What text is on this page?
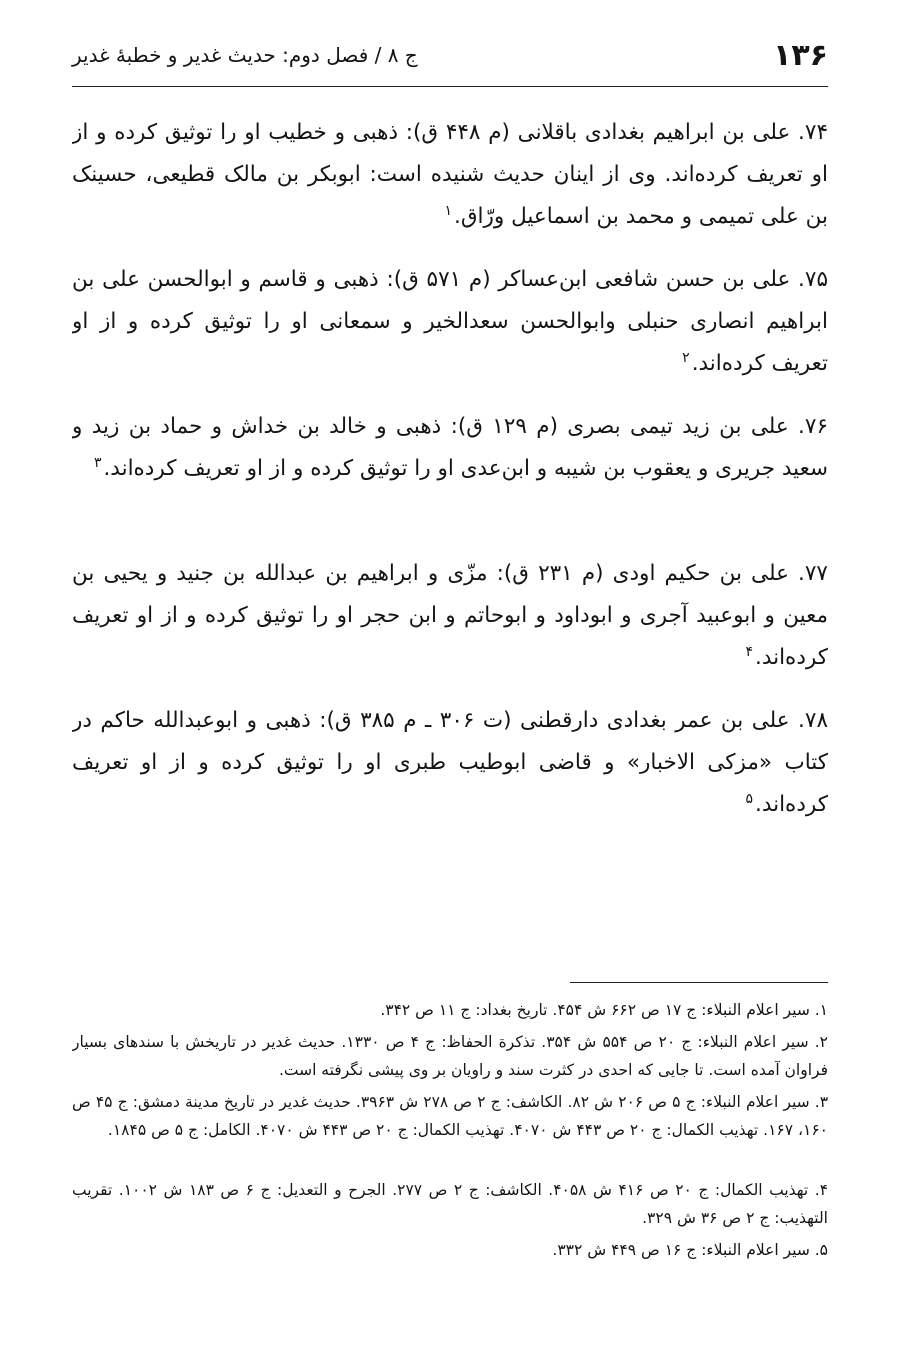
۱۳۶
ج ۸ / فصل دوم: حدیث غدیر و خطبهٔ غدیر

۷۴. علی بن ابراهیم بغدادی باقلانی (م ۴۴۸ ق): ذهبی و خطیب او را توثیق کرده و از او تعریف کرده‌اند. وی از اینان حدیث شنیده است: ابوبکر بن مالک قطیعی، حسینک بن علی تمیمی و محمد بن اسماعیل ورّاق.$^۱$

۷۵. علی بن حسن شافعی ابن‌عساکر (م ۵۷۱ ق): ذهبی و قاسم و ابوالحسن علی بن ابراهیم انصاری حنبلی وابوالحسن سعدالخیر و سمعانی او را توثیق کرده و از او تعریف کرده‌اند.$^۲$

۷۶. علی بن زید تیمی بصری (م ۱۲۹ ق): ذهبی و خالد بن خداش و حماد بن زید و سعید جریری و یعقوب بن شیبه و ابن‌عدی او را توثیق کرده و از او تعریف کرده‌اند.$^۳$

۷۷. علی بن حکیم اودی (م ۲۳۱ ق): مزّی و ابراهیم بن عبدالله بن جنید و یحیی بن معین و ابوعبید آجری و ابوداود و ابوحاتم و ابن حجر او را توثیق کرده و از او تعریف کرده‌اند.$^۴$

۷۸. علی بن عمر بغدادی دارقطنی (ت ۳۰۶ ـ م ۳۸۵ ق): ذهبی و ابوعبدالله حاکم در کتاب «مزکی الاخبار» و قاضی ابوطیب طبری او را توثیق کرده و از او تعریف کرده‌اند.$^۵$

۱. سیر اعلام النبلاء: ج ۱۷ ص ۶۶۲ ش ۴۵۴. تاریخ بغداد: ج ۱۱ ص ۳۴۲.

۲. سیر اعلام النبلاء: ج ۲۰ ص ۵۵۴ ش ۳۵۴. تذکرة الحفاظ: ج ۴ ص ۱۳۳۰. حدیث غدیر در تاریخش با سندهای بسیار فراوان آمده است. تا جایی که احدی در کثرت سند و راویان بر وی پیشی نگرفته است.

۳. سیر اعلام النبلاء: ج ۵ ص ۲۰۶ ش ۸۲. الکاشف: ج ۲ ص ۲۷۸ ش ۳۹۶۳. حدیث غدیر در تاریخ مدینة دمشق: ج ۴۵ ص ۱۶۰، ۱۶۷. تهذیب الکمال: ج ۲۰ ص ۴۴۳ ش ۴۰۷۰. تهذیب الکمال: ج ۲۰ ص ۴۴۳ ش ۴۰۷۰. الکامل: ج ۵ ص ۱۸۴۵.

۴. تهذیب الکمال: ج ۲۰ ص ۴۱۶ ش ۴۰۵۸. الکاشف: ج ۲ ص ۲۷۷. الجرح و التعدیل: ج ۶ ص ۱۸۳ ش ۱۰۰۲. تقریب التهذیب: ج ۲ ص ۳۶ ش ۳۲۹.

۵. سیر اعلام النبلاء: ج ۱۶ ص ۴۴۹ ش ۳۳۲.
